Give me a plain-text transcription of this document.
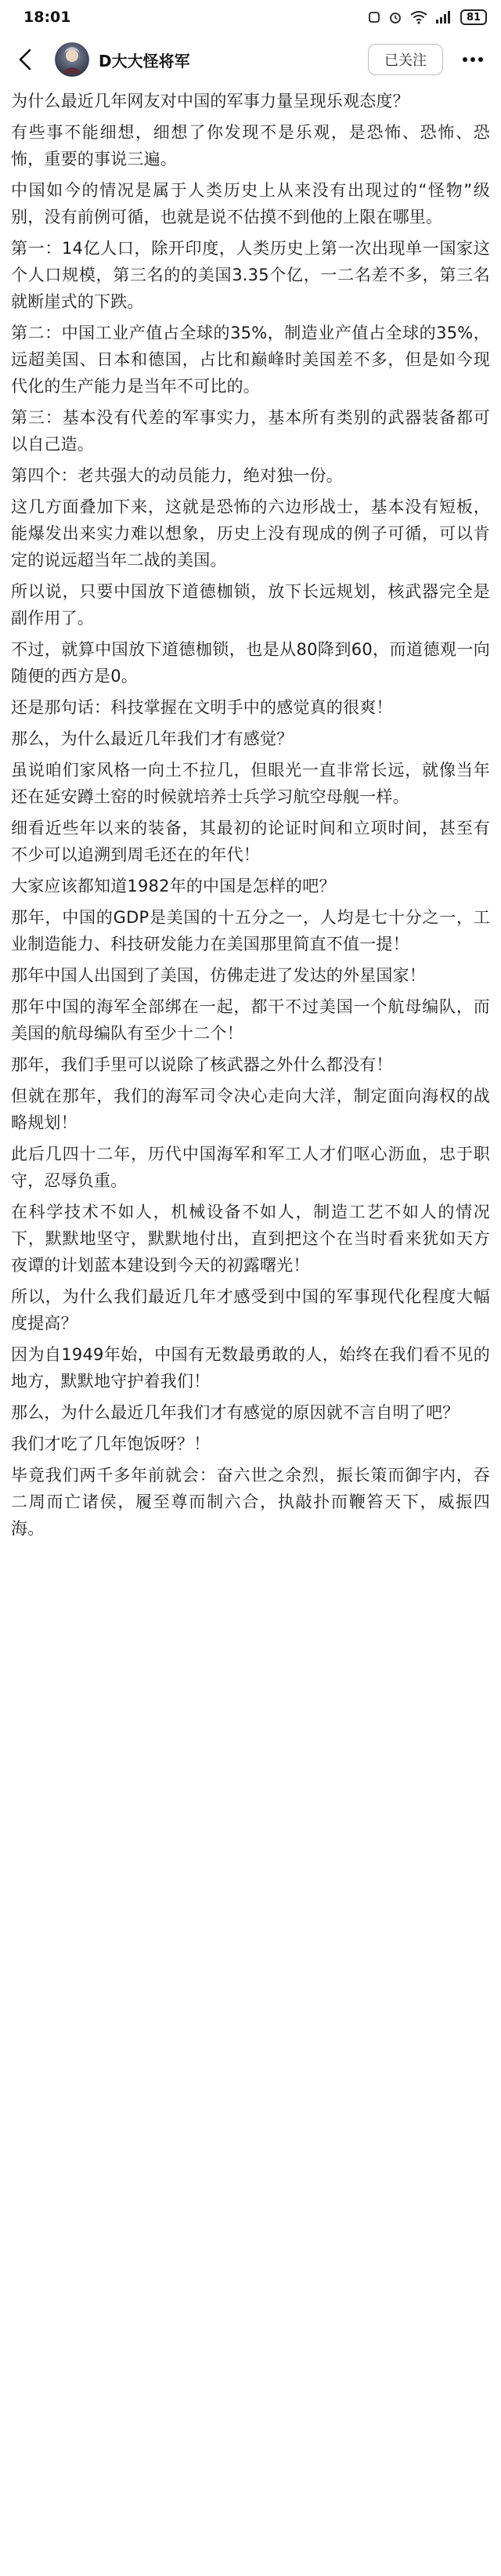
18:01	81
D大大怪将军	已关注

为什么最近几年网友对中国的军事力量呈现乐观态度？

有些事不能细想，细想了你发现不是乐观，是恐怖、恐怖、恐怖，重要的事说三遍。

中国如今的情况是属于人类历史上从来没有出现过的“怪物”级别，没有前例可循，也就是说不估摸不到他的上限在哪里。

第一：14亿人口，除开印度，人类历史上第一次出现单一国家这个人口规模，第三名的的美国3.35个亿，一二名差不多，第三名就断崖式的下跌。

第二：中国工业产值占全球的35%，制造业产值占全球的35%，远超美国、日本和德国，占比和巅峰时美国差不多，但是如今现代化的生产能力是当年不可比的。

第三：基本没有代差的军事实力，基本所有类别的武器装备都可以自己造。

第四个：老共强大的动员能力，绝对独一份。

这几方面叠加下来，这就是恐怖的六边形战士，基本没有短板，能爆发出来实力难以想象，历史上没有现成的例子可循，可以肯定的说远超当年二战的美国。

所以说，只要中国放下道德枷锁，放下长远规划，核武器完全是副作用了。

不过，就算中国放下道德枷锁，也是从80降到60，而道德观一向随便的西方是0。

还是那句话：科技掌握在文明手中的感觉真的很爽！

那么，为什么最近几年我们才有感觉？

虽说咱们家风格一向土不拉几，但眼光一直非常长远，就像当年还在延安蹲土窑的时候就培养士兵学习航空母舰一样。

细看近些年以来的装备，其最初的论证时间和立项时间，甚至有不少可以追溯到周毛还在的年代！

大家应该都知道1982年的中国是怎样的吧？

那年，中国的GDP是美国的十五分之一，人均是七十分之一，工业制造能力、科技研发能力在美国那里简直不值一提！

那年中国人出国到了美国，仿佛走进了发达的外星国家！

那年中国的海军全部绑在一起，都干不过美国一个航母编队，而美国的航母编队有至少十二个！

那年，我们手里可以说除了核武器之外什么都没有！

但就在那年，我们的海军司令决心走向大洋，制定面向海权的战略规划！

此后几四十二年，历代中国海军和军工人才们呕心沥血，忠于职守，忍辱负重。

在科学技术不如人，机械设备不如人，制造工艺不如人的情况下，默默地坚守，默默地付出，直到把这个在当时看来犹如天方夜谭的计划蓝本建设到今天的初露曙光！

所以，为什么我们最近几年才感受到中国的军事现代化程度大幅度提高？

因为自1949年始，中国有无数最勇敢的人，始终在我们看不见的地方，默默地守护着我们！

那么，为什么最近几年我们才有感觉的原因就不言自明了吧？

我们才吃了几年饱饭呀？！

毕竟我们两千多年前就会：奋六世之余烈，振长策而御宇内，吞二周而亡诸侯，履至尊而制六合，执敲扑而鞭笞天下，威振四海。
